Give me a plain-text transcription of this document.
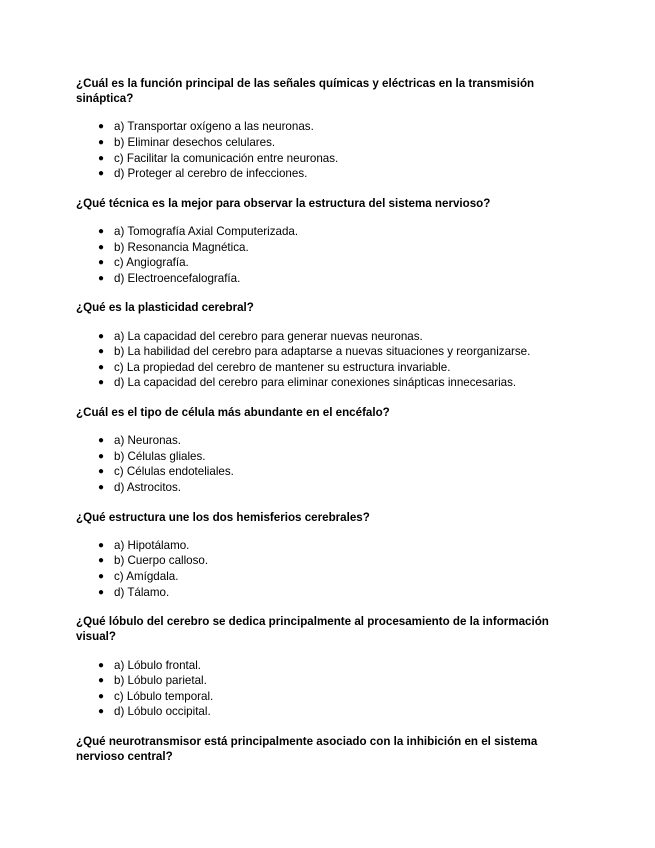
¿Cuál es la función principal de las señales químicas y eléctricas en la transmisión sináptica?

● a) Transportar oxígeno a las neuronas.
● b) Eliminar desechos celulares.
● c) Facilitar la comunicación entre neuronas.
● d) Proteger al cerebro de infecciones.

¿Qué técnica es la mejor para observar la estructura del sistema nervioso?

● a) Tomografía Axial Computerizada.
● b) Resonancia Magnética.
● c) Angiografía.
● d) Electroencefalografía.

¿Qué es la plasticidad cerebral?

● a) La capacidad del cerebro para generar nuevas neuronas.
● b) La habilidad del cerebro para adaptarse a nuevas situaciones y reorganizarse.
● c) La propiedad del cerebro de mantener su estructura invariable.
● d) La capacidad del cerebro para eliminar conexiones sinápticas innecesarias.

¿Cuál es el tipo de célula más abundante en el encéfalo?

● a) Neuronas.
● b) Células gliales.
● c) Células endoteliales.
● d) Astrocitos.

¿Qué estructura une los dos hemisferios cerebrales?

● a) Hipotálamo.
● b) Cuerpo calloso.
● c) Amígdala.
● d) Tálamo.

¿Qué lóbulo del cerebro se dedica principalmente al procesamiento de la información visual?

● a) Lóbulo frontal.
● b) Lóbulo parietal.
● c) Lóbulo temporal.
● d) Lóbulo occipital.

¿Qué neurotransmisor está principalmente asociado con la inhibición en el sistema nervioso central?
